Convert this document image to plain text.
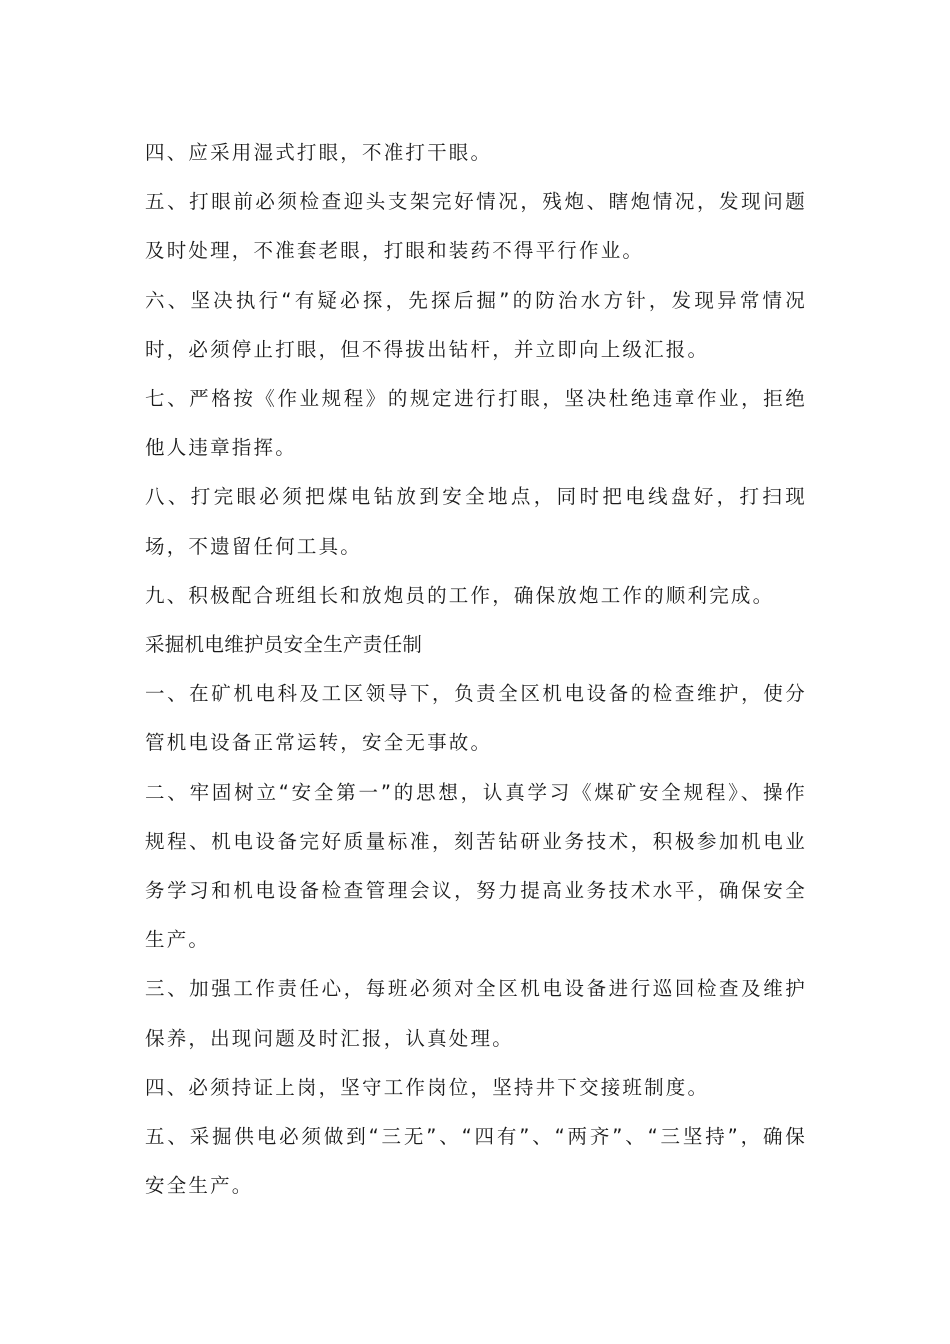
四、应采用湿式打眼，不准打干眼。

五、打眼前必须检查迎头支架完好情况，残炮、瞎炮情况，发现问题及时处理，不准套老眼，打眼和装药不得平行作业。

六、坚决执行“有疑必探，先探后掘”的防治水方针，发现异常情况时，必须停止打眼，但不得拔出钻杆，并立即向上级汇报。

七、严格按《作业规程》的规定进行打眼，坚决杜绝违章作业，拒绝他人违章指挥。

八、打完眼必须把煤电钻放到安全地点，同时把电线盘好，打扫现场，不遗留任何工具。

九、积极配合班组长和放炮员的工作，确保放炮工作的顺利完成。

采掘机电维护员安全生产责任制

一、在矿机电科及工区领导下，负责全区机电设备的检查维护，使分管机电设备正常运转，安全无事故。

二、牢固树立“安全第一”的思想，认真学习《煤矿安全规程》、操作规程、机电设备完好质量标准，刻苦钻研业务技术，积极参加机电业务学习和机电设备检查管理会议，努力提高业务技术水平，确保安全生产。

三、加强工作责任心，每班必须对全区机电设备进行巡回检查及维护保养，出现问题及时汇报，认真处理。

四、必须持证上岗，坚守工作岗位，坚持井下交接班制度。

五、采掘供电必须做到“三无”、“四有”、“两齐”、“三坚持”，确保安全生产。
